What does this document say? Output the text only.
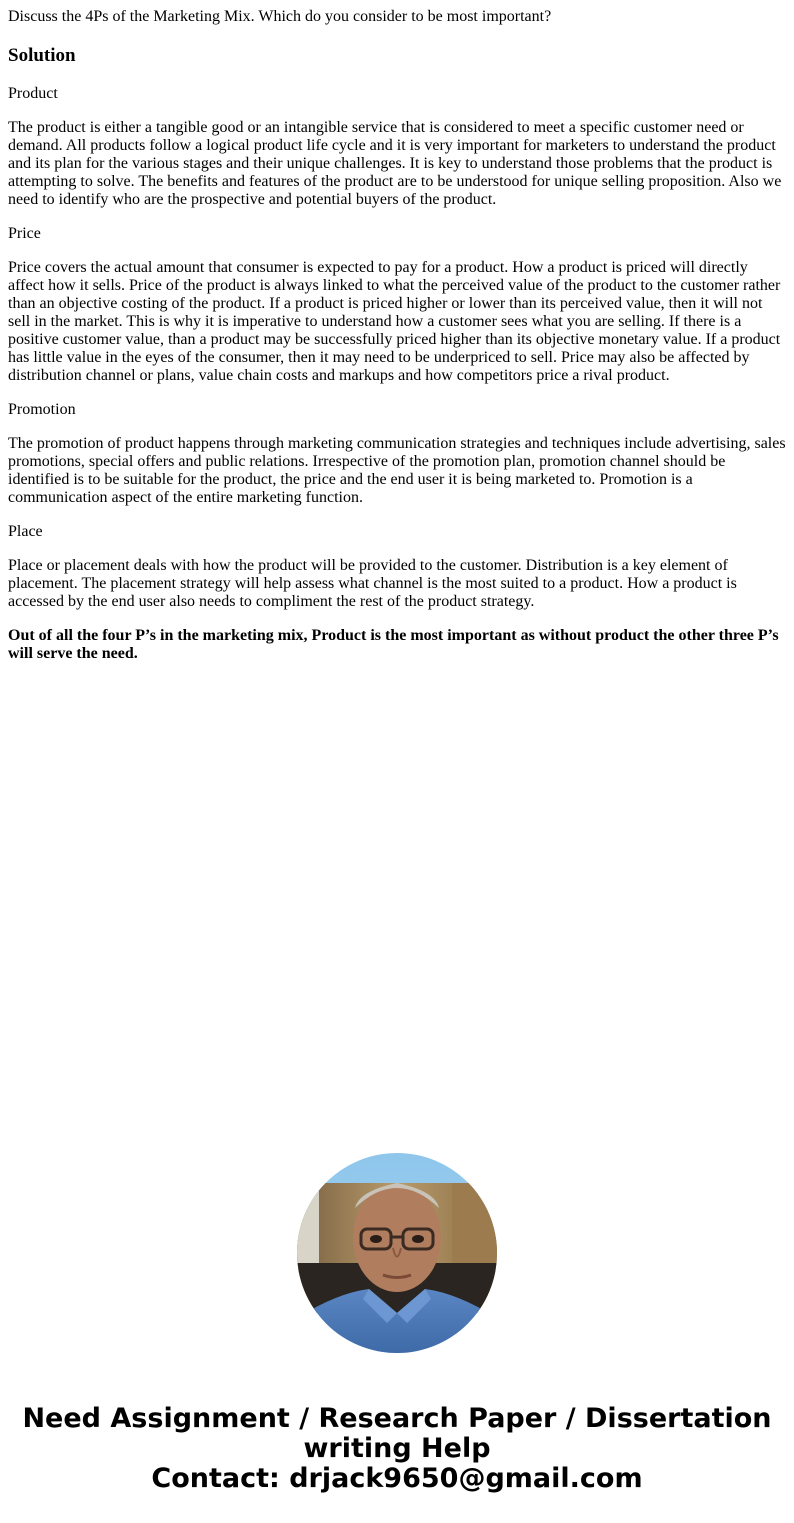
Discuss the 4Ps of the Marketing Mix. Which do you consider to be most important?
Solution

Product

The product is either a tangible good or an intangible service that is considered to meet a specific customer need or demand. All products follow a logical product life cycle and it is very important for marketers to understand the product and its plan for the various stages and their unique challenges. It is key to understand those problems that the product is attempting to solve. The benefits and features of the product are to be understood for unique selling proposition. Also we need to identify who are the prospective and potential buyers of the product.

Price

Price covers the actual amount that consumer is expected to pay for a product. How a product is priced will directly affect how it sells. Price of the product is always linked to what the perceived value of the product to the customer rather than an objective costing of the product. If a product is priced higher or lower than its perceived value, then it will not sell in the market. This is why it is imperative to understand how a customer sees what you are selling. If there is a positive customer value, than a product may be successfully priced higher than its objective monetary value. If a product has little value in the eyes of the consumer, then it may need to be underpriced to sell. Price may also be affected by distribution channel or plans, value chain costs and markups and how competitors price a rival product.

Promotion

The promotion of product happens through marketing communication strategies and techniques include advertising, sales promotions, special offers and public relations. Irrespective of the promotion plan, promotion channel should be identified is to be suitable for the product, the price and the end user it is being marketed to. Promotion is a communication aspect of the entire marketing function.

Place

Place or placement deals with how the product will be provided to the customer. Distribution is a key element of placement. The placement strategy will help assess what channel is the most suited to a product. How a product is accessed by the end user also needs to compliment the rest of the product strategy.

Out of all the four P’s in the marketing mix, Product is the most important as without product the other three P’s will serve the need.

Need Assignment / Research Paper / Dissertation
writing Help
Contact: drjack9650@gmail.com
